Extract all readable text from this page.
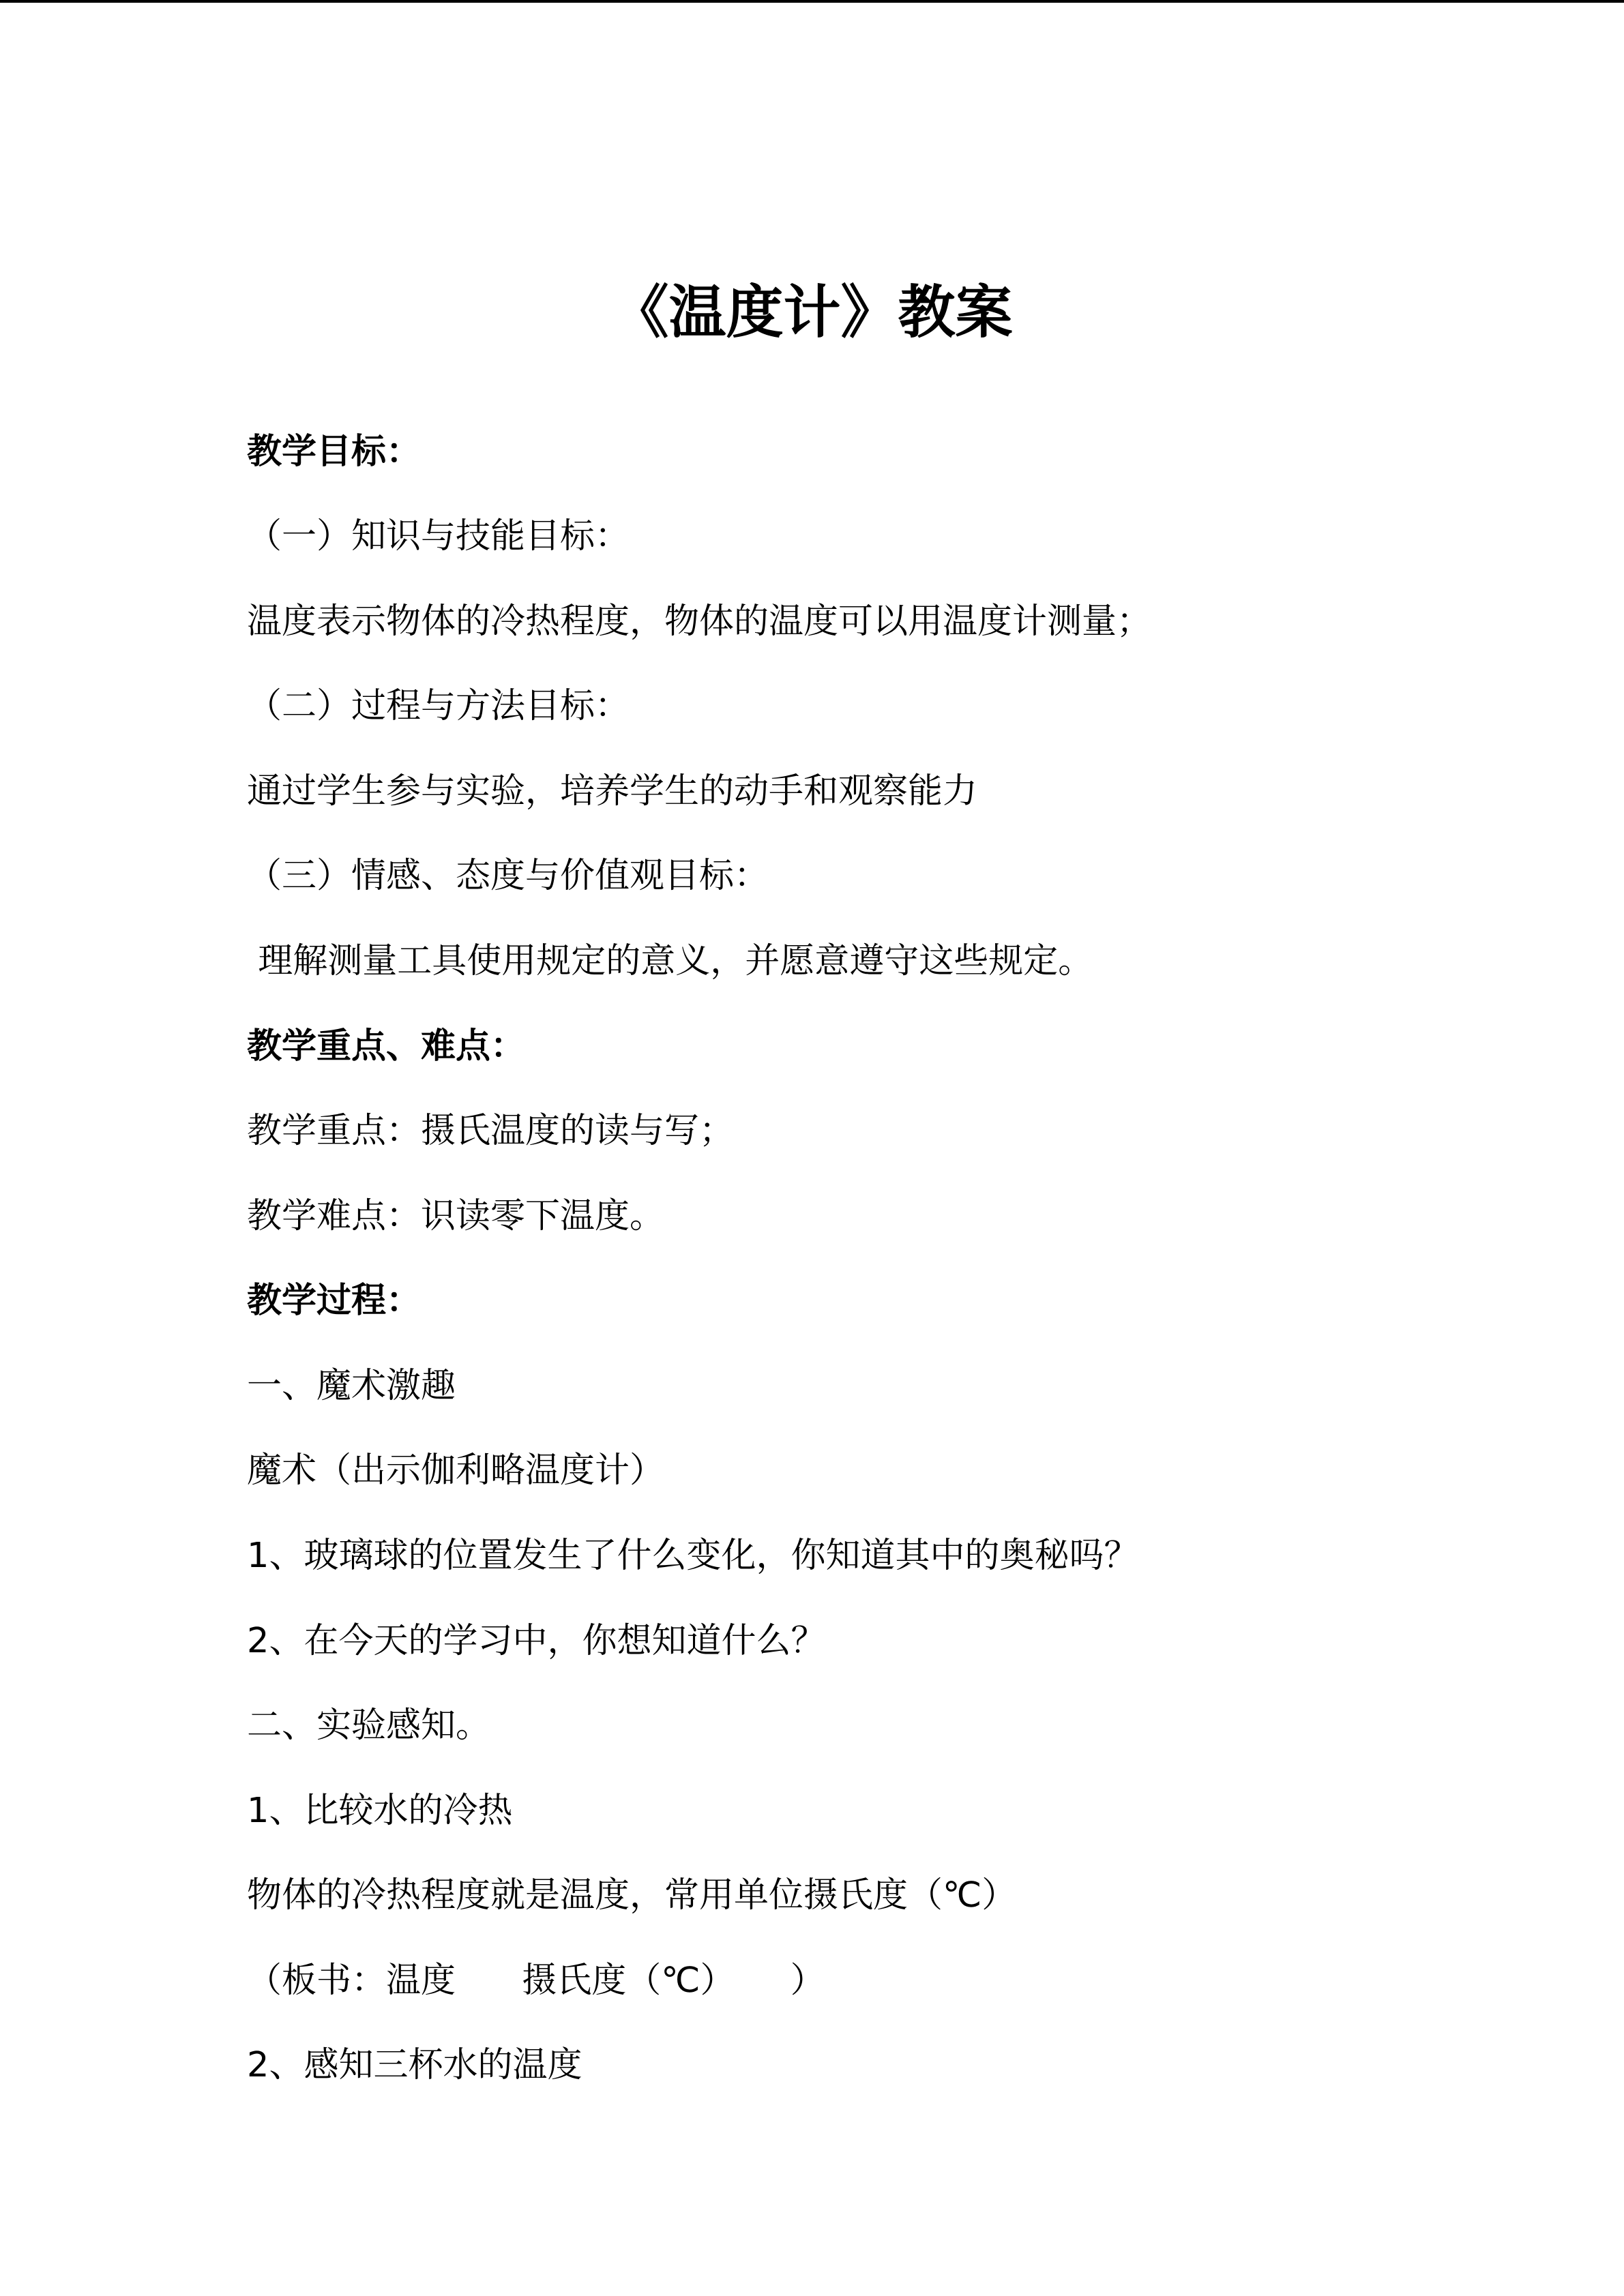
《温度计》教案
教学目标：
（一）知识与技能目标：
温度表示物体的冷热程度，物体的温度可以用温度计测量；
（二）过程与方法目标：
通过学生参与实验，培养学生的动手和观察能力
（三）情感、态度与价值观目标：
理解测量工具使用规定的意义，并愿意遵守这些规定。
教学重点、难点：
教学重点：摄氏温度的读与写；
教学难点：识读零下温度。
教学过程：
一、魔术激趣
魔术（出示伽利略温度计）
1、玻璃球的位置发生了什么变化，你知道其中的奥秘吗？
2、在今天的学习中，你想知道什么？
二、实验感知。
1、比较水的冷热
物体的冷热程度就是温度，常用单位摄氏度（℃）
（板书：温度      摄氏度（℃）     ）
2、感知三杯水的温度
